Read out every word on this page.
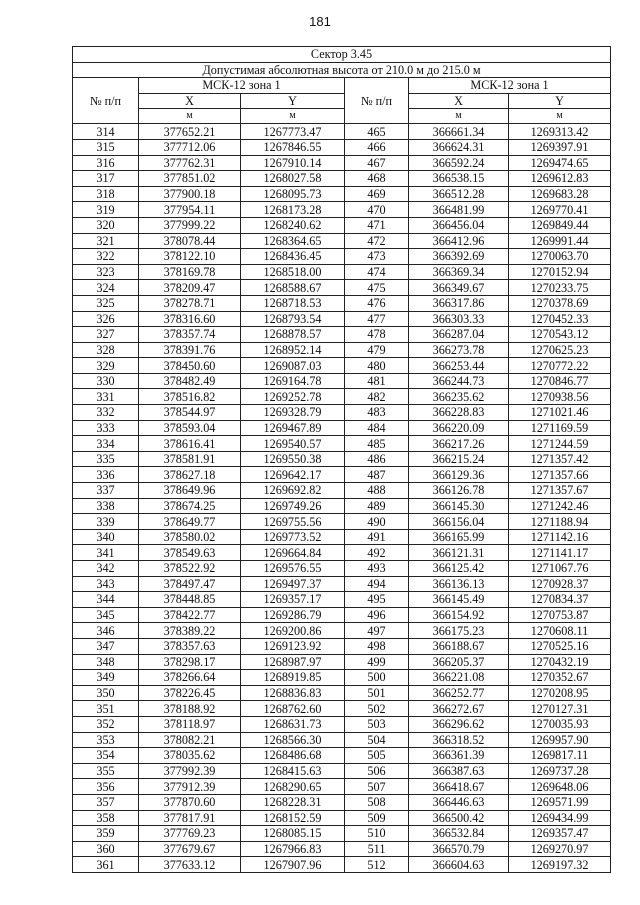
181
Сектор 3.45					
Допустимая абсолютная высота от 210.0 м до 215.0 м					
№ п/п	МСК-12 зона 1		№ п/п	МСК-12 зона 1	
	X	Y		X	Y
	м	м		м	м
314	377652.21	1267773.47	465	366661.34	1269313.42
315	377712.06	1267846.55	466	366624.31	1269397.91
316	377762.31	1267910.14	467	366592.24	1269474.65
317	377851.02	1268027.58	468	366538.15	1269612.83
318	377900.18	1268095.73	469	366512.28	1269683.28
319	377954.11	1268173.28	470	366481.99	1269770.41
320	377999.22	1268240.62	471	366456.04	1269849.44
321	378078.44	1268364.65	472	366412.96	1269991.44
322	378122.10	1268436.45	473	366392.69	1270063.70
323	378169.78	1268518.00	474	366369.34	1270152.94
324	378209.47	1268588.67	475	366349.67	1270233.75
325	378278.71	1268718.53	476	366317.86	1270378.69
326	378316.60	1268793.54	477	366303.33	1270452.33
327	378357.74	1268878.57	478	366287.04	1270543.12
328	378391.76	1268952.14	479	366273.78	1270625.23
329	378450.60	1269087.03	480	366253.44	1270772.22
330	378482.49	1269164.78	481	366244.73	1270846.77
331	378516.82	1269252.78	482	366235.62	1270938.56
332	378544.97	1269328.79	483	366228.83	1271021.46
333	378593.04	1269467.89	484	366220.09	1271169.59
334	378616.41	1269540.57	485	366217.26	1271244.59
335	378581.91	1269550.38	486	366215.24	1271357.42
336	378627.18	1269642.17	487	366129.36	1271357.66
337	378649.96	1269692.82	488	366126.78	1271357.67
338	378674.25	1269749.26	489	366145.30	1271242.46
339	378649.77	1269755.56	490	366156.04	1271188.94
340	378580.02	1269773.52	491	366165.99	1271142.16
341	378549.63	1269664.84	492	366121.31	1271141.17
342	378522.92	1269576.55	493	366125.42	1271067.76
343	378497.47	1269497.37	494	366136.13	1270928.37
344	378448.85	1269357.17	495	366145.49	1270834.37
345	378422.77	1269286.79	496	366154.92	1270753.87
346	378389.22	1269200.86	497	366175.23	1270608.11
347	378357.63	1269123.92	498	366188.67	1270525.16
348	378298.17	1268987.97	499	366205.37	1270432.19
349	378266.64	1268919.85	500	366221.08	1270352.67
350	378226.45	1268836.83	501	366252.77	1270208.95
351	378188.92	1268762.60	502	366272.67	1270127.31
352	378118.97	1268631.73	503	366296.62	1270035.93
353	378082.21	1268566.30	504	366318.52	1269957.90
354	378035.62	1268486.68	505	366361.39	1269817.11
355	377992.39	1268415.63	506	366387.63	1269737.28
356	377912.39	1268290.65	507	366418.67	1269648.06
357	377870.60	1268228.31	508	366446.63	1269571.99
358	377817.91	1268152.59	509	366500.42	1269434.99
359	377769.23	1268085.15	510	366532.84	1269357.47
360	377679.67	1267966.83	511	366570.79	1269270.97
361	377633.12	1267907.96	512	366604.63	1269197.32
